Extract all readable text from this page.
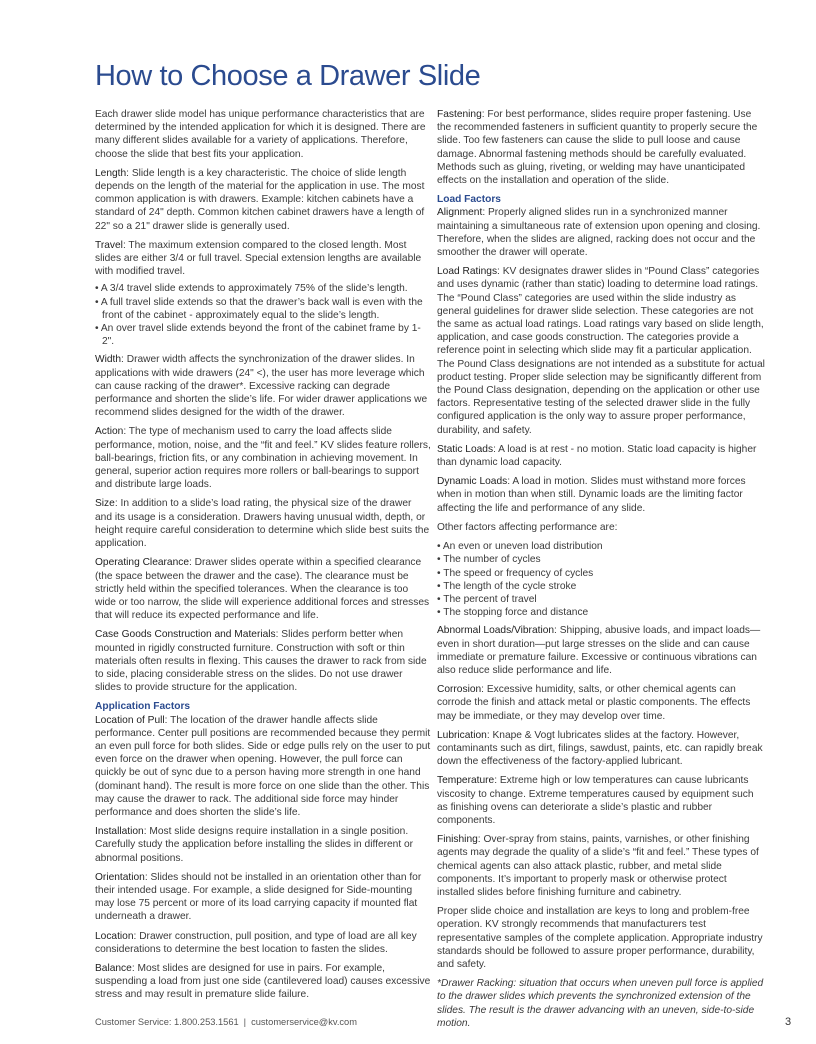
How to Choose a Drawer Slide

Each drawer slide model has unique performance characteristics that are determined by the intended application for which it is designed. There are many different slides available for a variety of applications. Therefore, choose the slide that best fits your application.

Length: Slide length is a key characteristic. The choice of slide length depends on the length of the material for the application in use. The most common application is with drawers. Example: kitchen cabinets have a standard of 24" depth. Common kitchen cabinet drawers have a length of 22" so a 21" drawer slide is generally used.

Travel: The maximum extension compared to the closed length. Most slides are either 3/4 or full travel. Special extension lengths are available with modified travel.

• A 3/4 travel slide extends to approximately 75% of the slide’s length.
• A full travel slide extends so that the drawer’s back wall is even with the front of the cabinet - approximately equal to the slide’s length.
• An over travel slide extends beyond the front of the cabinet frame by 1-2".

Width: Drawer width affects the synchronization of the drawer slides. In applications with wide drawers (24" <), the user has more leverage which can cause racking of the drawer*. Excessive racking can degrade performance and shorten the slide’s life. For wider drawer applications we recommend slides designed for the width of the drawer.

Action: The type of mechanism used to carry the load affects slide performance, motion, noise, and the “fit and feel.” KV slides feature rollers, ball-bearings, friction fits, or any combination in achieving movement. In general, superior action requires more rollers or ball-bearings to support and distribute large loads.

Size: In addition to a slide’s load rating, the physical size of the drawer and its usage is a consideration. Drawers having unusual width, depth, or height require careful consideration to determine which slide best suits the application.

Operating Clearance: Drawer slides operate within a specified clearance (the space between the drawer and the case). The clearance must be strictly held within the specified tolerances. When the clearance is too wide or too narrow, the slide will experience additional forces and stresses that will reduce its expected performance and life.

Case Goods Construction and Materials: Slides perform better when mounted in rigidly constructed furniture. Construction with soft or thin materials often results in flexing. This causes the drawer to rack from side to side, placing considerable stress on the slides. Do not use drawer slides to provide structure for the application.

Application Factors

Location of Pull: The location of the drawer handle affects slide performance. Center pull positions are recommended because they permit an even pull force for both slides. Side or edge pulls rely on the user to put even force on the drawer when opening. However, the pull force can quickly be out of sync due to a person having more strength in one hand (dominant hand). The result is more force on one slide than the other. This may cause the drawer to rack. The additional side force may hinder performance and does shorten the slide’s life.

Installation: Most slide designs require installation in a single position. Carefully study the application before installing the slides in different or abnormal positions.

Orientation: Slides should not be installed in an orientation other than for their intended usage. For example, a slide designed for Side-mounting may lose 75 percent or more of its load carrying capacity if mounted flat underneath a drawer.

Location: Drawer construction, pull position, and type of load are all key considerations to determine the best location to fasten the slides.

Balance: Most slides are designed for use in pairs. For example, suspending a load from just one side (cantilevered load) causes excessive stress and may result in premature slide failure.

Fastening: For best performance, slides require proper fastening. Use the recommended fasteners in sufficient quantity to properly secure the slide. Too few fasteners can cause the slide to pull loose and cause damage. Abnormal fastening methods should be carefully evaluated. Methods such as gluing, riveting, or welding may have unanticipated effects on the installation and operation of the slide.

Load Factors

Alignment: Properly aligned slides run in a synchronized manner maintaining a simultaneous rate of extension upon opening and closing. Therefore, when the slides are aligned, racking does not occur and the smoother the drawer will operate.

Load Ratings: KV designates drawer slides in “Pound Class” categories and uses dynamic (rather than static) loading to determine load ratings. The “Pound Class” categories are used within the slide industry as general guidelines for drawer slide selection. These categories are not the same as actual load ratings. Load ratings vary based on slide length, application, and case goods construction. The categories provide a reference point in selecting which slide may fit a particular application. The Pound Class designations are not intended as a substitute for actual product testing. Proper slide selection may be significantly different from the Pound Class designation, depending on the application or other use factors. Representative testing of the selected drawer slide in the fully configured application is the only way to assure proper performance, durability, and safety.

Static Loads: A load is at rest - no motion. Static load capacity is higher than dynamic load capacity.

Dynamic Loads: A load in motion. Slides must withstand more forces when in motion than when still. Dynamic loads are the limiting factor affecting the life and performance of any slide.

Other factors affecting performance are:

• An even or uneven load distribution
• The number of cycles
• The speed or frequency of cycles
• The length of the cycle stroke
• The percent of travel
• The stopping force and distance

Abnormal Loads/Vibration: Shipping, abusive loads, and impact loads—even in short duration—put large stresses on the slide and can cause immediate or premature failure. Excessive or continuous vibrations can also reduce slide performance and life.

Corrosion: Excessive humidity, salts, or other chemical agents can corrode the finish and attack metal or plastic components. The effects may be immediate, or they may develop over time.

Lubrication: Knape & Vogt lubricates slides at the factory. However, contaminants such as dirt, filings, sawdust, paints, etc. can rapidly break down the effectiveness of the factory-applied lubricant.

Temperature: Extreme high or low temperatures can cause lubricants viscosity to change. Extreme temperatures caused by equipment such as finishing ovens can deteriorate a slide’s plastic and rubber components.

Finishing: Over-spray from stains, paints, varnishes, or other finishing agents may degrade the quality of a slide’s “fit and feel.” These types of chemical agents can also attack plastic, rubber, and metal slide components. It’s important to properly mask or otherwise protect installed slides before finishing furniture and cabinetry.

Proper slide choice and installation are keys to long and problem-free operation. KV strongly recommends that manufacturers test representative samples of the complete application. Appropriate industry standards should be followed to assure proper performance, durability, and safety.

*Drawer Racking: situation that occurs when uneven pull force is applied to the drawer slides which prevents the synchronized extension of the slides. The result is the drawer advancing with an uneven, side-to-side motion.

Customer Service: 1.800.253.1561 | customerservice@kv.com	3
